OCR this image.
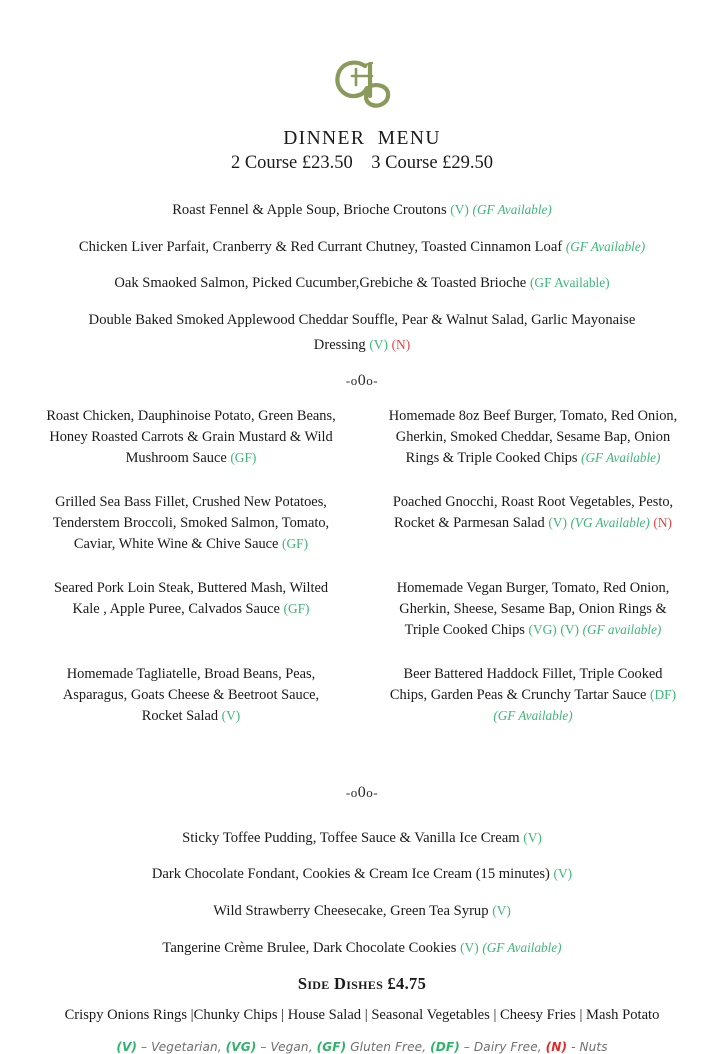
DINNER  MENU
2 Course £23.50    3 Course £29.50
Roast Fennel & Apple Soup, Brioche Croutons (V) (GF Available)
Chicken Liver Parfait, Cranberry & Red Currant Chutney, Toasted Cinnamon Loaf (GF Available)
Oak Smaoked Salmon, Picked Cucumber,Grebiche & Toasted Brioche (GF Available)
Double Baked Smoked Applewood Cheddar Souffle, Pear & Walnut Salad, Garlic Mayonaise
Dressing (V) (N)
-o0o-
Roast Chicken, Dauphinoise Potato, Green Beans, Honey Roasted Carrots & Grain Mustard & Wild Mushroom Sauce (GF)
Homemade 8oz Beef Burger, Tomato, Red Onion, Gherkin, Smoked Cheddar, Sesame Bap, Onion Rings & Triple Cooked Chips (GF Available)
Grilled Sea Bass Fillet, Crushed New Potatoes, Tenderstem Broccoli, Smoked Salmon, Tomato, Caviar, White Wine & Chive Sauce (GF)
Poached Gnocchi, Roast Root Vegetables, Pesto, Rocket & Parmesan Salad (V) (VG Available) (N)
Seared Pork Loin Steak, Buttered Mash, Wilted Kale , Apple Puree, Calvados Sauce (GF)
Homemade Vegan Burger, Tomato, Red Onion, Gherkin, Sheese, Sesame Bap, Onion Rings & Triple Cooked Chips (VG) (V) (GF available)
Homemade Tagliatelle, Broad Beans, Peas, Asparagus, Goats Cheese & Beetroot Sauce, Rocket Salad (V)
Beer Battered Haddock Fillet, Triple Cooked Chips, Garden Peas & Crunchy Tartar Sauce (DF) (GF Available)
-o0o-
Sticky Toffee Pudding, Toffee Sauce & Vanilla Ice Cream (V)
Dark Chocolate Fondant, Cookies & Cream Ice Cream (15 minutes) (V)
Wild Strawberry Cheesecake, Green Tea Syrup (V)
Tangerine Crème Brulee, Dark Chocolate Cookies (V) (GF Available)
Side Dishes £4.75
Crispy Onions Rings |Chunky Chips | House Salad | Seasonal Vegetables | Cheesy Fries | Mash Potato
(V) – Vegetarian, (VG) – Vegan, (GF) Gluten Free, (DF) – Dairy Free, (N) - Nuts
